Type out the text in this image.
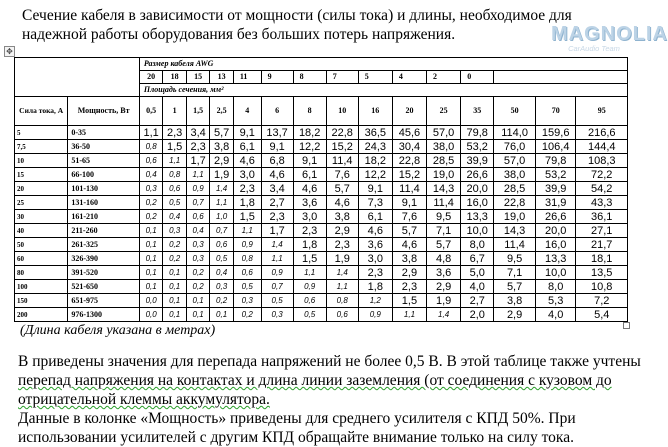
Сечение кабеля в зависимости от мощности (силы тока) и длины, необходимое для надежной работы оборудования без больших потерь напряжения.	MAGNOLIA
CarAudio Team
✥
		Размер кабеля AWG														
		20	18	15	13	11	9	8	7	5	4	2	0			
		Площадь сечения, мм²														
Сила тока, А	Мощность, Вт	0,5	1	1,5	2,5	4	6	8	10	16	20	25	35	50	70	95
5	0-35	1,1	2,3	3,4	5,7	9,1	13,7	18,2	22,8	36,5	45,6	57,0	79,8	114,0	159,6	216,6
7,5	36-50	0,8	1,5	2,3	3,8	6,1	9,1	12,2	15,2	24,3	30,4	38,0	53,2	76,0	106,4	144,4
10	51-65	0,6	1,1	1,7	2,9	4,6	6,8	9,1	11,4	18,2	22,8	28,5	39,9	57,0	79,8	108,3
15	66-100	0,4	0,8	1,1	1,9	3,0	4,6	6,1	7,6	12,2	15,2	19,0	26,6	38,0	53,2	72,2
20	101-130	0,3	0,6	0,9	1,4	2,3	3,4	4,6	5,7	9,1	11,4	14,3	20,0	28,5	39,9	54,2
25	131-160	0,2	0,5	0,7	1,1	1,8	2,7	3,6	4,6	7,3	9,1	11,4	16,0	22,8	31,9	43,3
30	161-210	0,2	0,4	0,6	1,0	1,5	2,3	3,0	3,8	6,1	7,6	9,5	13,3	19,0	26,6	36,1
40	211-260	0,1	0,3	0,4	0,7	1,1	1,7	2,3	2,9	4,6	5,7	7,1	10,0	14,3	20,0	27,1
50	261-325	0,1	0,2	0,3	0,6	0,9	1,4	1,8	2,3	3,6	4,6	5,7	8,0	11,4	16,0	21,7
60	326-390	0,1	0,2	0,3	0,5	0,8	1,1	1,5	1,9	3,0	3,8	4,8	6,7	9,5	13,3	18,1
80	391-520	0,1	0,1	0,2	0,4	0,6	0,9	1,1	1,4	2,3	2,9	3,6	5,0	7,1	10,0	13,5
100	521-650	0,1	0,1	0,2	0,3	0,5	0,7	0,9	1,1	1,8	2,3	2,9	4,0	5,7	8,0	10,8
150	651-975	0,0	0,1	0,1	0,2	0,3	0,5	0,6	0,8	1,2	1,5	1,9	2,7	3,8	5,3	7,2
200	976-1300	0,0	0,1	0,1	0,1	0,2	0,3	0,5	0,6	0,9	1,1	1,4	2,0	2,9	4,0	5,4
(Длина кабеля указана в метрах)
В приведены значения для перепада напряжений не более 0,5 В. В этой таблице также учтены
перепад напряжения на контактах и длина линии заземления (от соединения с кузовом до
отрицательной клеммы аккумулятора.
Данные в колонке «Мощность» приведены для среднего усилителя с КПД 50%. При
использовании усилителей с другим КПД обращайте внимание только на силу тока.
